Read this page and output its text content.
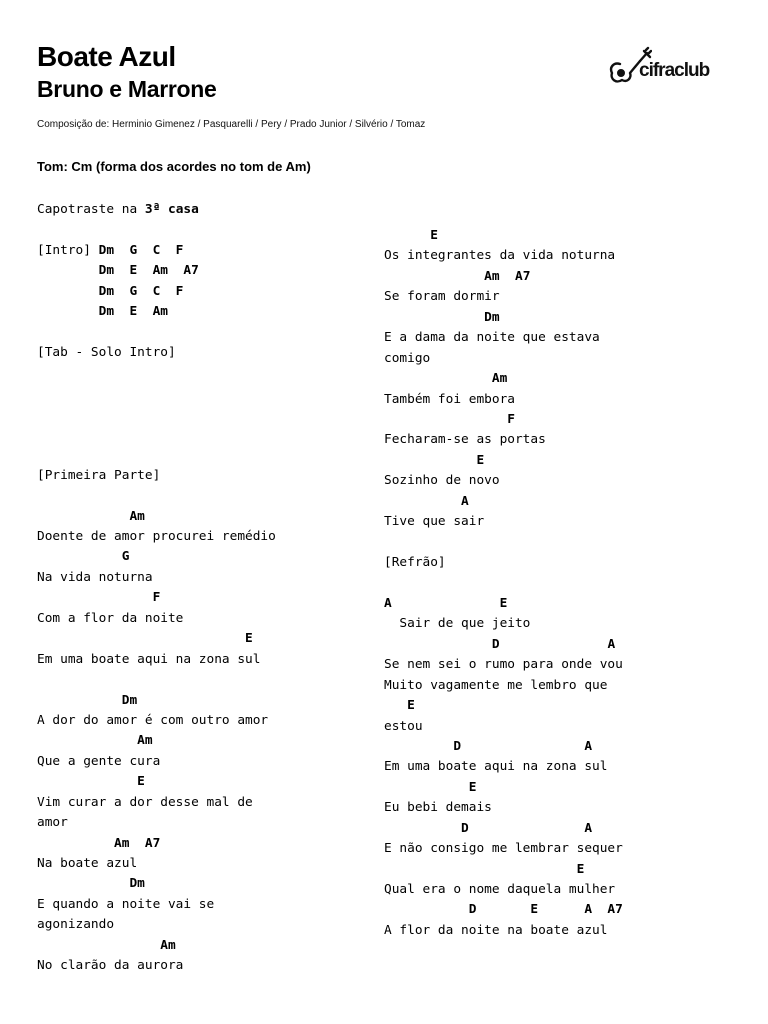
Boate Azul
Bruno e Marrone
Composição de: Herminio Gimenez / Pasquarelli / Pery / Prado Junior / Silvério / Tomaz
cifraclub
Tom: Cm (forma dos acordes no tom de Am)
Capotraste na 3ª casa
[Intro] Dm  G  C  F
Dm  E  Am  A7
Dm  G  C  F
Dm  E  Am
[Tab - Solo Intro]
[Primeira Parte]
Am
Doente de amor procurei remédio
G
Na vida noturna
F
Com a flor da noite
E
Em uma boate aqui na zona sul
Dm
A dor do amor é com outro amor
Am
Que a gente cura
E
Vim curar a dor desse mal de
amor
Am  A7
Na boate azul
Dm
E quando a noite vai se
agonizando
Am
No clarão da aurora
E
Os integrantes da vida noturna
Am  A7
Se foram dormir
Dm
E a dama da noite que estava
comigo
Am
Também foi embora
F
Fecharam-se as portas
E
Sozinho de novo
A
Tive que sair
[Refrão]
A              E
Sair de que jeito
D              A
Se nem sei o rumo para onde vou
Muito vagamente me lembro que
E
estou
D                A
Em uma boate aqui na zona sul
E
Eu bebi demais
D               A
E não consigo me lembrar sequer
E
Qual era o nome daquela mulher
D       E      A  A7
A flor da noite na boate azul
